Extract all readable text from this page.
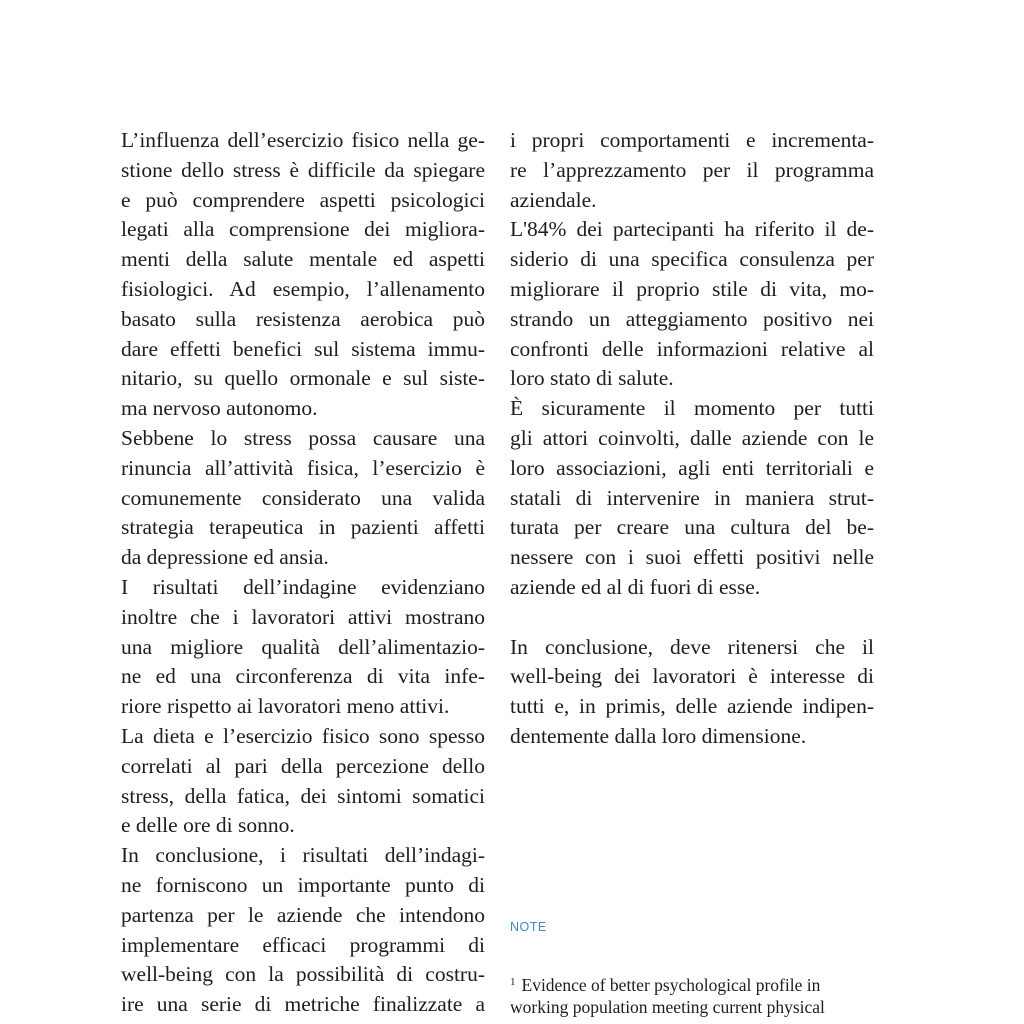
L’influenza dell’esercizio fisico nella ge-
stione dello stress è difficile da spiegare
e può comprendere aspetti psicologici
legati alla comprensione dei migliora-
menti della salute mentale ed aspetti
fisiologici. Ad esempio, l’allenamento
basato sulla resistenza aerobica può
dare effetti benefici sul sistema immu-
nitario, su quello ormonale e sul siste-
ma nervoso autonomo.
Sebbene lo stress possa causare una
rinuncia all’attività fisica, l’esercizio è
comunemente considerato una valida
strategia terapeutica in pazienti affetti
da depressione ed ansia.
I risultati dell’indagine evidenziano
inoltre che i lavoratori attivi mostrano
una migliore qualità dell’alimentazio-
ne ed una circonferenza di vita infe-
riore rispetto ai lavoratori meno attivi.
La dieta e l’esercizio fisico sono spesso
correlati al pari della percezione dello
stress, della fatica, dei sintomi somatici
e delle ore di sonno.
In conclusione, i risultati dell’indagi-
ne forniscono un importante punto di
partenza per le aziende che intendono
implementare efficaci programmi di
well-being con la possibilità di costru-
ire una serie di metriche finalizzate a
i propri comportamenti e incrementa-
re l’apprezzamento per il programma
aziendale.
L'84% dei partecipanti ha riferito il de-
siderio di una specifica consulenza per
migliorare il proprio stile di vita, mo-
strando un atteggiamento positivo nei
confronti delle informazioni relative al
loro stato di salute.
È sicuramente il momento per tutti
gli attori coinvolti, dalle aziende con le
loro associazioni, agli enti territoriali e
statali di intervenire in maniera strut-
turata per creare una cultura del be-
nessere con i suoi effetti positivi nelle
aziende ed al di fuori di esse.
In conclusione, deve ritenersi che il
well-being dei lavoratori è interesse di
tutti e, in primis, delle aziende indipen-
dentemente dalla loro dimensione.
NOTE
$^1$ Evidence of better psychological profile in
working population meeting current physical
